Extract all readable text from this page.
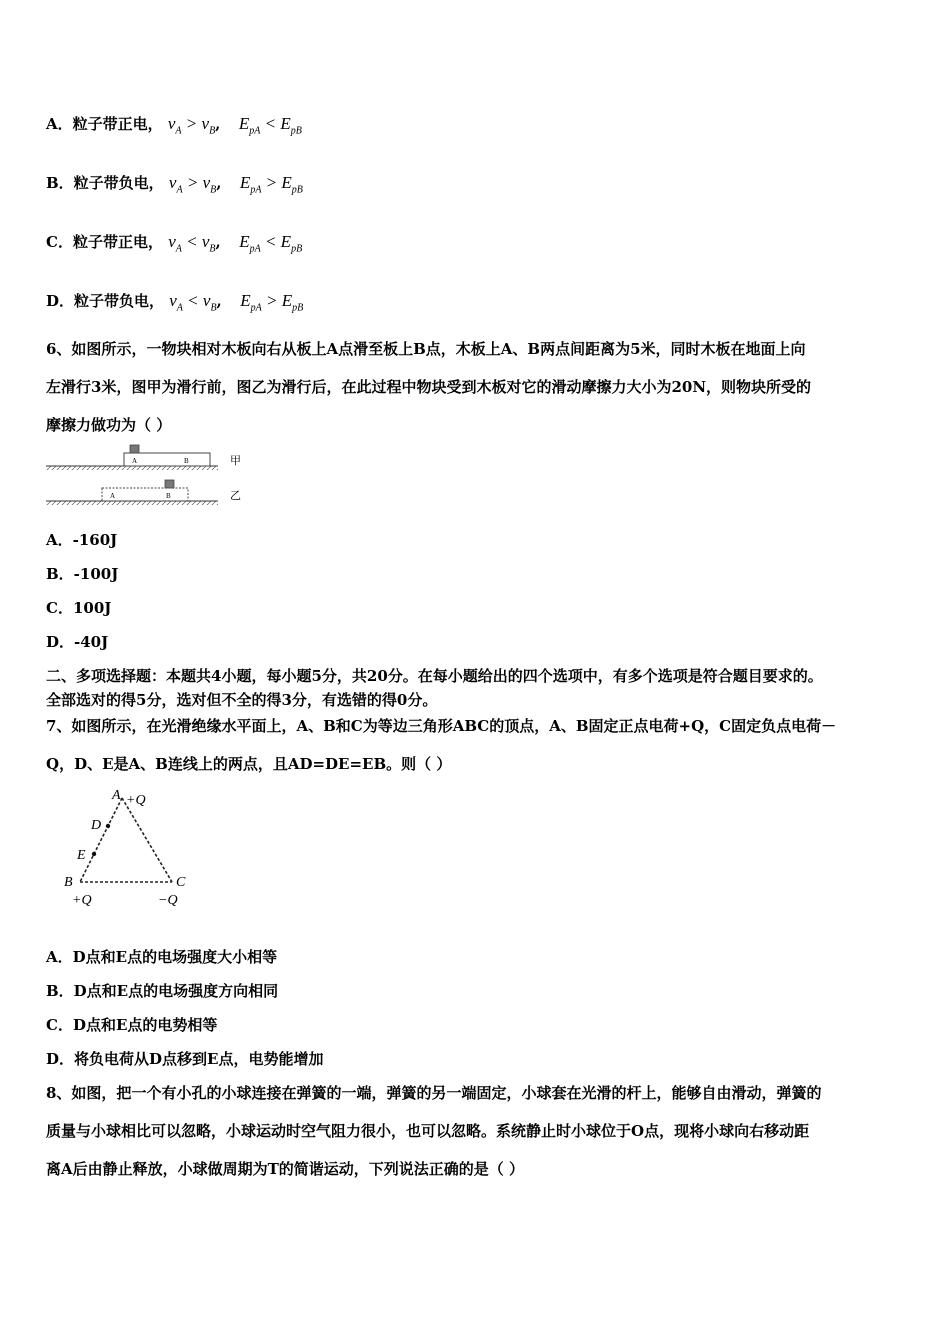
A．粒子带正电， $v_A > v_B$, $E_{pA} < E_{pB}$
B．粒子带负电， $v_A > v_B$, $E_{pA} > E_{pB}$
C．粒子带正电， $v_A < v_B$, $E_{pA} < E_{pB}$
D．粒子带负电， $v_A < v_B$, $E_{pA} > E_{pB}$
6、如图所示，一物块相对木板向右从板上A点滑至板上B点，木板上A、B两点间距离为5米，同时木板在地面上向
左滑行3米，图甲为滑行前，图乙为滑行后，在此过程中物块受到木板对它的滑动摩擦力大小为20N，则物块所受的
摩擦力做功为（ ）
A	B	甲
A	B	乙
A．-160J
B．-100J
C．100J
D．-40J
二、多项选择题：本题共4小题，每小题5分，共20分。在每小题给出的四个选项中，有多个选项是符合题目要求的。
全部选对的得5分，选对但不全的得3分，有选错的得0分。
7、如图所示，在光滑绝缘水平面上，A、B和C为等边三角形ABC的顶点，A、B固定正点电荷+Q，C固定负点电荷－
Q，D、E是A、B连线上的两点，且AD=DE=EB。则（ ）
A +Q
D
E
B	C
+Q	−Q
A．D点和E点的电场强度大小相等
B．D点和E点的电场强度方向相同
C．D点和E点的电势相等
D．将负电荷从D点移到E点，电势能增加
8、如图，把一个有小孔的小球连接在弹簧的一端，弹簧的另一端固定，小球套在光滑的杆上，能够自由滑动，弹簧的
质量与小球相比可以忽略，小球运动时空气阻力很小，也可以忽略。系统静止时小球位于O点，现将小球向右移动距
离A后由静止释放，小球做周期为T的简谐运动，下列说法正确的是（ ）
